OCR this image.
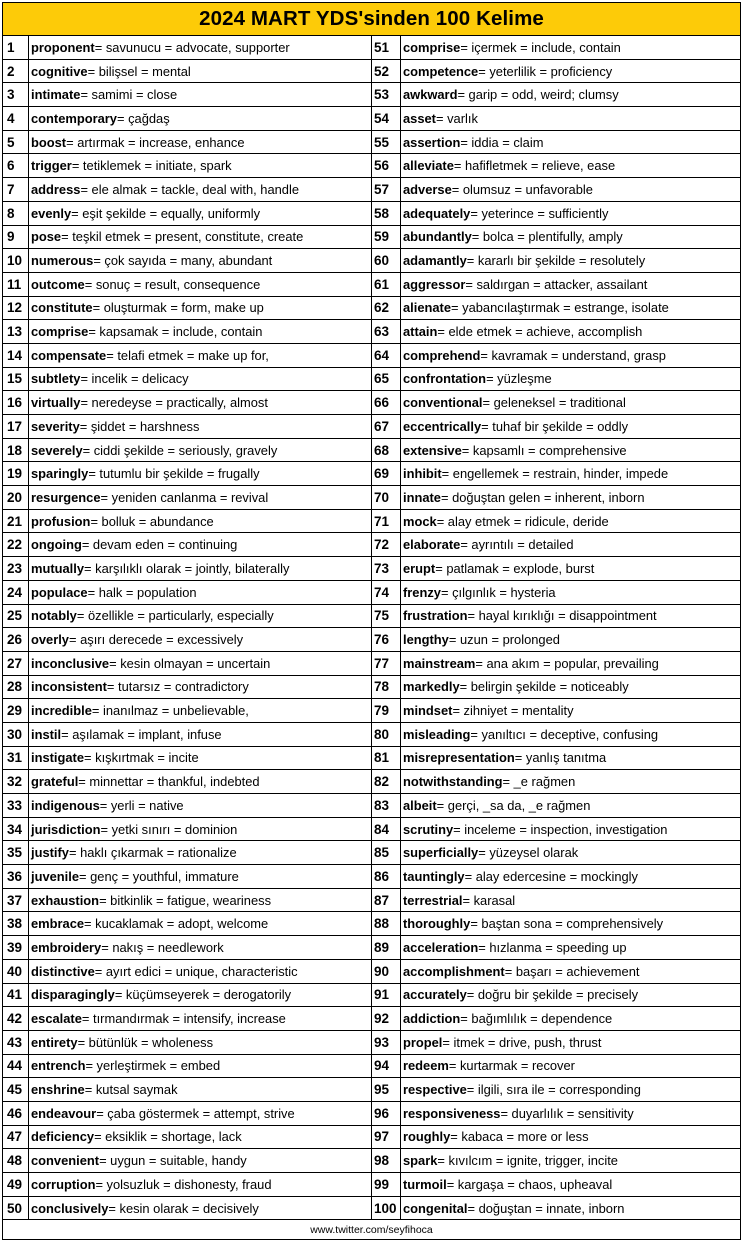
2024 MART YDS'sinden 100 Kelime
1	proponent = savunucu = advocate, supporter
2	cognitive = bilişsel = mental
3	intimate = samimi = close
4	contemporary = çağdaş
5	boost = artırmak = increase, enhance
6	trigger = tetiklemek = initiate, spark
7	address = ele almak = tackle, deal with, handle
8	evenly = eşit şekilde = equally, uniformly
9	pose = teşkil etmek = present, constitute, create
10 numerous = çok sayıda = many, abundant
11 outcome = sonuç = result, consequence
12 constitute = oluşturmak = form, make up
13 comprise = kapsamak = include, contain
14 compensate = telafi etmek = make up for,
15 subtlety = incelik = delicacy
16 virtually = neredeyse = practically, almost
17 severity = şiddet = harshness
18 severely = ciddi şekilde = seriously, gravely
19 sparingly = tutumlu bir şekilde = frugally
20 resurgence = yeniden canlanma = revival
21 profusion = bolluk = abundance
22 ongoing = devam eden = continuing
23 mutually = karşılıklı olarak = jointly, bilaterally
24 populace = halk = population
25 notably = özellikle = particularly, especially
26 overly = aşırı derecede = excessively
27 inconclusive = kesin olmayan = uncertain
28 inconsistent = tutarsız = contradictory
29 incredible = inanılmaz = unbelievable,
30 instil = aşılamak = implant, infuse
31 instigate = kışkırtmak = incite
32 grateful = minnettar = thankful, indebted
33 indigenous = yerli = native
34 jurisdiction = yetki sınırı = dominion
35 justify = haklı çıkarmak = rationalize
36 juvenile = genç = youthful, immature
37 exhaustion = bitkinlik = fatigue, weariness
38 embrace = kucaklamak = adopt, welcome
39 embroidery = nakış = needlework
40 distinctive = ayırt edici = unique, characteristic
41 disparagingly = küçümseyerek = derogatorily
42 escalate = tırmandırmak = intensify, increase
43 entirety = bütünlük = wholeness
44 entrench = yerleştirmek = embed
45 enshrine = kutsal saymak
46 endeavour = çaba göstermek = attempt, strive
47 deficiency = eksiklik = shortage, lack
48 convenient = uygun = suitable, handy
49 corruption = yolsuzluk = dishonesty, fraud
50 conclusively = kesin olarak = decisively
51	comprise = içermek = include, contain
52	competence = yeterlilik = proficiency
53	awkward = garip = odd, weird; clumsy
54	asset = varlık
55	assertion = iddia = claim
56	alleviate = hafifletmek = relieve, ease
57	adverse = olumsuz = unfavorable
58	adequately = yeterince = sufficiently
59	abundantly = bolca = plentifully, amply
60	adamantly = kararlı bir şekilde = resolutely
61	aggressor = saldırgan = attacker, assailant
62	alienate = yabancılaştırmak = estrange, isolate
63	attain = elde etmek = achieve, accomplish
64	comprehend = kavramak = understand, grasp
65	confrontation = yüzleşme
66	conventional = geleneksel = traditional
67	eccentrically = tuhaf bir şekilde = oddly
68	extensive = kapsamlı = comprehensive
69	inhibit = engellemek = restrain, hinder, impede
70	innate = doğuştan gelen = inherent, inborn
71	mock = alay etmek = ridicule, deride
72	elaborate = ayrıntılı = detailed
73	erupt = patlamak = explode, burst
74	frenzy = çılgınlık = hysteria
75	frustration = hayal kırıklığı = disappointment
76	lengthy = uzun = prolonged
77	mainstream = ana akım = popular, prevailing
78	markedly = belirgin şekilde = noticeably
79	mindset = zihniyet = mentality
80	misleading = yanıltıcı = deceptive, confusing
81	misrepresentation = yanlış tanıtma
82	notwithstanding = _e rağmen
83	albeit = gerçi, _sa da, _e rağmen
84	scrutiny = inceleme = inspection, investigation
85	superficially = yüzeysel olarak
86	tauntingly = alay edercesine = mockingly
87	terrestrial = karasal
88	thoroughly = baştan sona = comprehensively
89	acceleration = hızlanma = speeding up
90	accomplishment = başarı = achievement
91	accurately = doğru bir şekilde = precisely
92	addiction = bağımlılık = dependence
93	propel = itmek = drive, push, thrust
94	redeem = kurtarmak = recover
95	respective = ilgili, sıra ile = corresponding
96	responsiveness = duyarlılık = sensitivity
97	roughly = kabaca = more or less
98	spark = kıvılcım = ignite, trigger, incite
99	turmoil = kargaşa = chaos, upheaval
100 congenital = doğuştan = innate, inborn
www.twitter.com/seyfihoca
